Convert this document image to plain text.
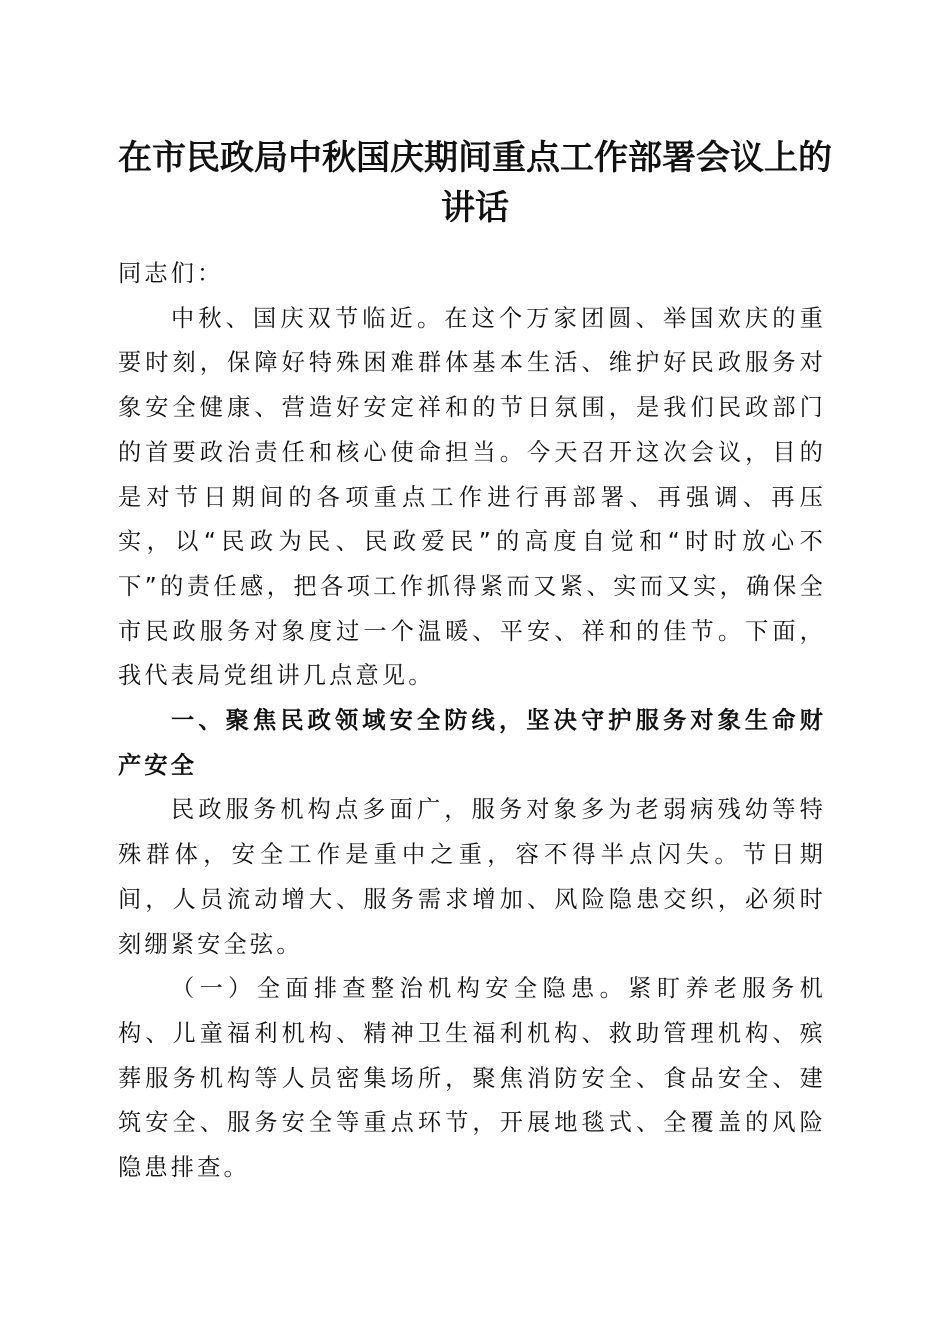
在市民政局中秋国庆期间重点工作部署会议上的讲话

同志们：

中秋、国庆双节临近。在这个万家团圆、举国欢庆的重要时刻，保障好特殊困难群体基本生活、维护好民政服务对象安全健康、营造好安定祥和的节日氛围，是我们民政部门的首要政治责任和核心使命担当。今天召开这次会议，目的是对节日期间的各项重点工作进行再部署、再强调、再压实，以“民政为民、民政爱民”的高度自觉和“时时放心不下”的责任感，把各项工作抓得紧而又紧、实而又实，确保全市民政服务对象度过一个温暖、平安、祥和的佳节。下面，我代表局党组讲几点意见。

一、聚焦民政领域安全防线，坚决守护服务对象生命财产安全

民政服务机构点多面广，服务对象多为老弱病残幼等特殊群体，安全工作是重中之重，容不得半点闪失。节日期间，人员流动增大、服务需求增加、风险隐患交织，必须时刻绷紧安全弦。

（一）全面排查整治机构安全隐患。紧盯养老服务机构、儿童福利机构、精神卫生福利机构、救助管理机构、殡葬服务机构等人员密集场所，聚焦消防安全、食品安全、建筑安全、服务安全等重点环节，开展地毯式、全覆盖的风险隐患排查。
